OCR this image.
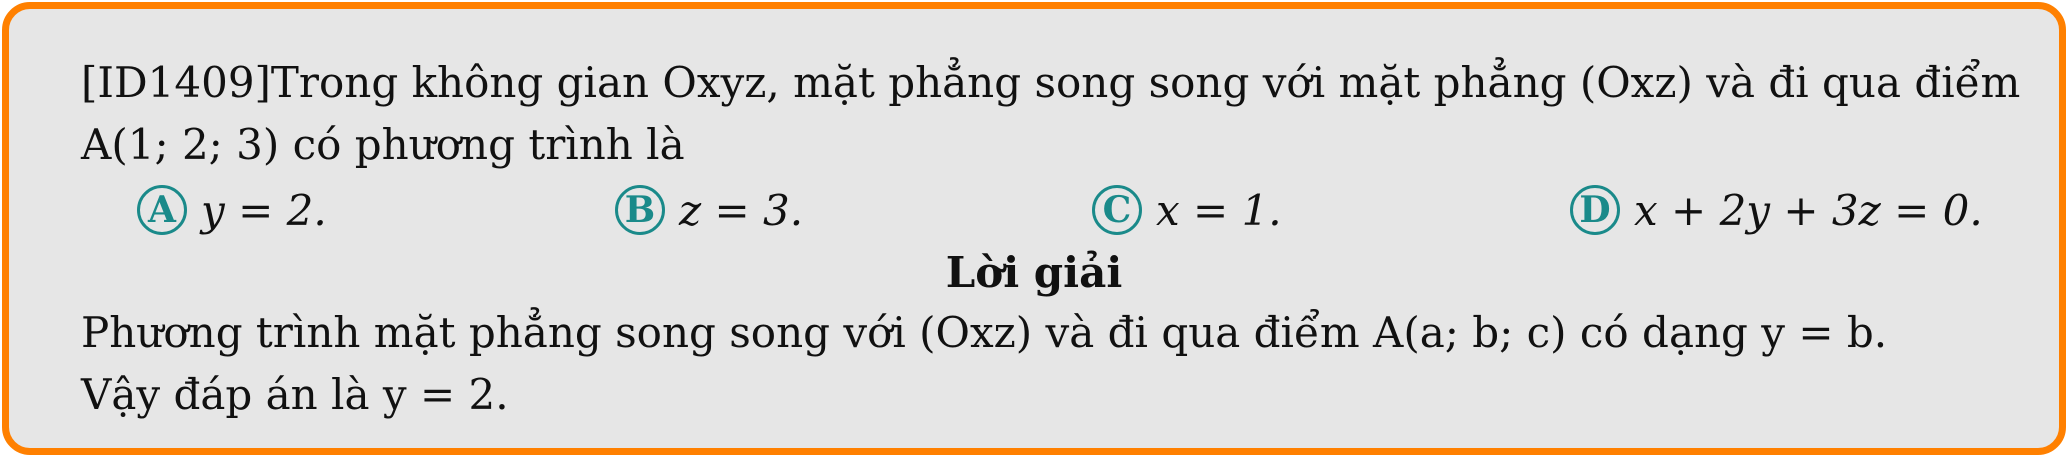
[ID1409]Trong không gian Oxyz, mặt phẳng song song với mặt phẳng (Oxz) và đi qua điểm
A(1; 2; 3) có phương trình là
A y = 2.	B z = 3.	C x = 1.	D x + 2y + 3z = 0.
Lời giải
Phương trình mặt phẳng song song với (Oxz) và đi qua điểm A(a; b; c) có dạng y = b.
Vậy đáp án là y = 2.
